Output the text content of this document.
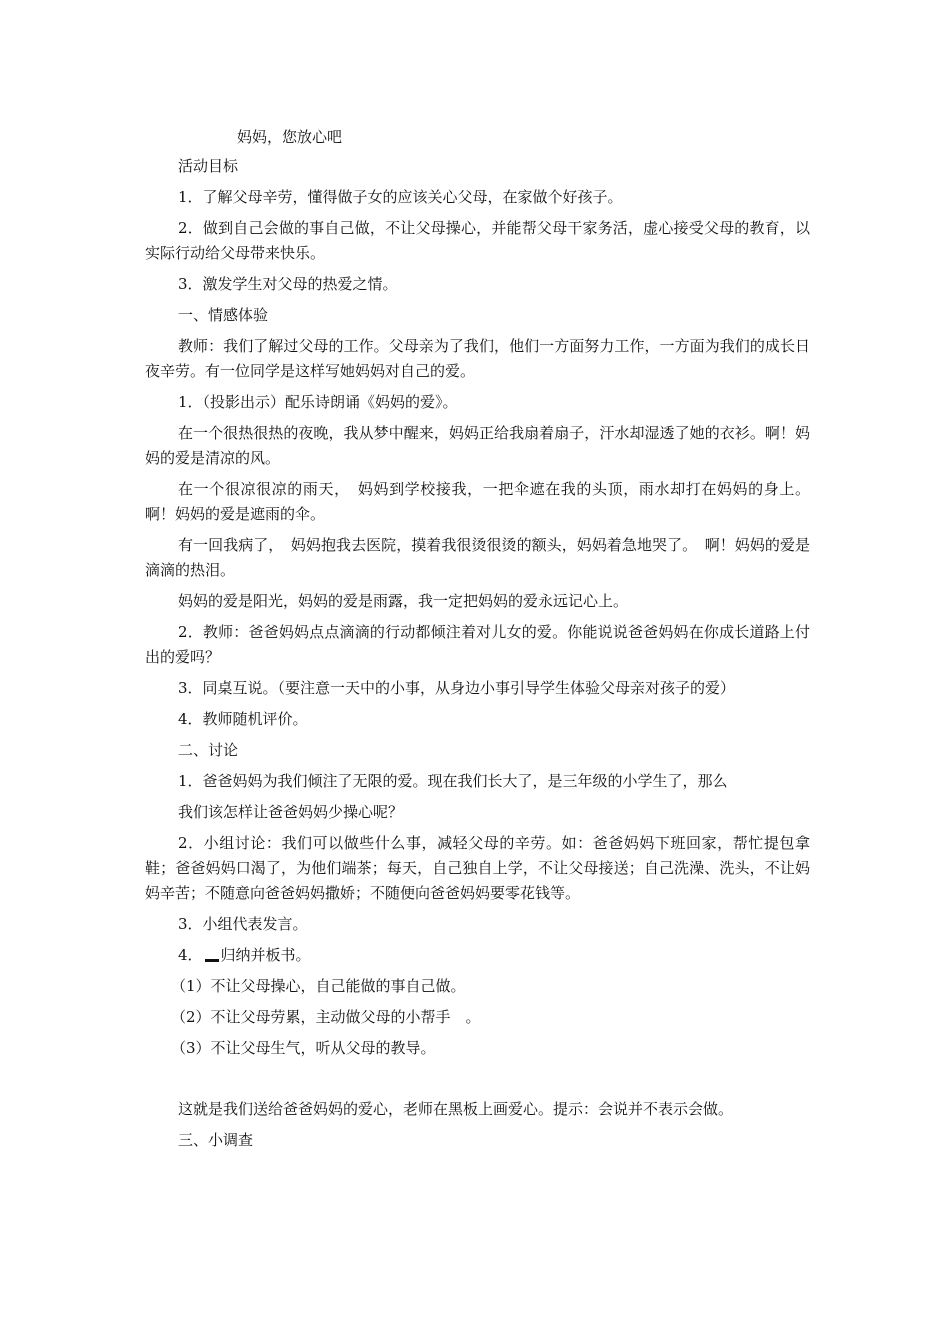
妈妈，您放心吧
活动目标
1．了解父母辛劳，懂得做子女的应该关心父母，在家做个好孩子。
2．做到自己会做的事自己做，不让父母操心，并能帮父母干家务活，虚心接受父母的教育，以实际行动给父母带来快乐。
3．激发学生对父母的热爱之情。
一、情感体验
教师：我们了解过父母的工作。父母亲为了我们，他们一方面努力工作，一方面为我们的成长日夜辛劳。有一位同学是这样写她妈妈对自己的爱。
1．（投影出示）配乐诗朗诵《妈妈的爱》。
在一个很热很热的夜晚，我从梦中醒来，妈妈正给我扇着扇子，汗水却湿透了她的衣衫。啊！妈妈的爱是清凉的风。
在一个很凉很凉的雨天，　妈妈到学校接我，一把伞遮在我的头顶，雨水却打在妈妈的身上。啊！妈妈的爱是遮雨的伞。
有一回我病了，　妈妈抱我去医院，摸着我很烫很烫的额头，妈妈着急地哭了。　啊！妈妈的爱是滴滴的热泪。
妈妈的爱是阳光，妈妈的爱是雨露，我一定把妈妈的爱永远记心上。
2．教师：爸爸妈妈点点滴滴的行动都倾注着对儿女的爱。你能说说爸爸妈妈在你成长道路上付出的爱吗？
3．同桌互说。（要注意一天中的小事，从身边小事引导学生体验父母亲对孩子的爱）
4．教师随机评价。
二、讨论
1．爸爸妈妈为我们倾注了无限的爱。现在我们长大了，是三年级的小学生了，那么
我们该怎样让爸爸妈妈少操心呢？
2．小组讨论：我们可以做些什么事，减轻父母的辛劳。如：爸爸妈妈下班回家，帮忙提包拿鞋；爸爸妈妈口渴了，为他们端茶；每天，自己独自上学，不让父母接送；自己洗澡、洗头，不让妈妈辛苦；不随意向爸爸妈妈撒娇；不随便向爸爸妈妈要零花钱等。
3．小组代表发言。
4． 归纳并板书。
（1）不让父母操心，自己能做的事自己做。
（2）不让父母劳累，主动做父母的小帮手　。
（3）不让父母生气，听从父母的教导。
这就是我们送给爸爸妈妈的爱心，老师在黑板上画爱心。提示：会说并不表示会做。
三、小调查
